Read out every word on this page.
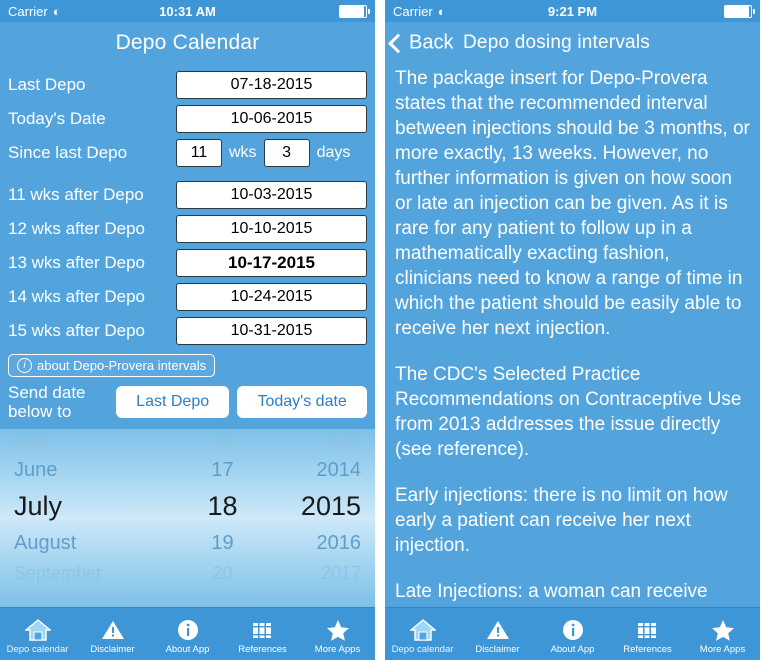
Carrier ◐	10:31 AM
Depo Calendar
Last Depo	07-18-2015
Today's Date	10-06-2015
Since last Depo	11	wks	3	days
11 wks after Depo	10-03-2015
12 wks after Depo	10-10-2015
13 wks after Depo	10-17-2015
14 wks after Depo	10-24-2015
15 wks after Depo	10-31-2015
i about Depo-Provera intervals
Send date
below to
Last Depo	Today's date
May	16	2013
June	17	2014
July	18	2015
August	19	2016
September	20	2017
Depo calendar Disclaimer	About App	References	More Apps
Carrier ◐	9:21 PM
Back Depo dosing intervals

The package insert for Depo-Provera states that the recommended interval between injections should be 3 months, or more exactly, 13 weeks. However, no further information is given on how soon or late an injection can be given. As it is rare for any patient to follow up in a mathematically exacting fashion, clinicians need to know a range of time in which the patient should be easily able to receive her next injection.

The CDC's Selected Practice Recommendations on Contraceptive Use from 2013 addresses the issue directly (see reference).

Early injections: there is no limit on how early a patient can receive her next injection.

Late Injections: a woman can receive

Depo calendar Disclaimer	About App	References	More Apps
